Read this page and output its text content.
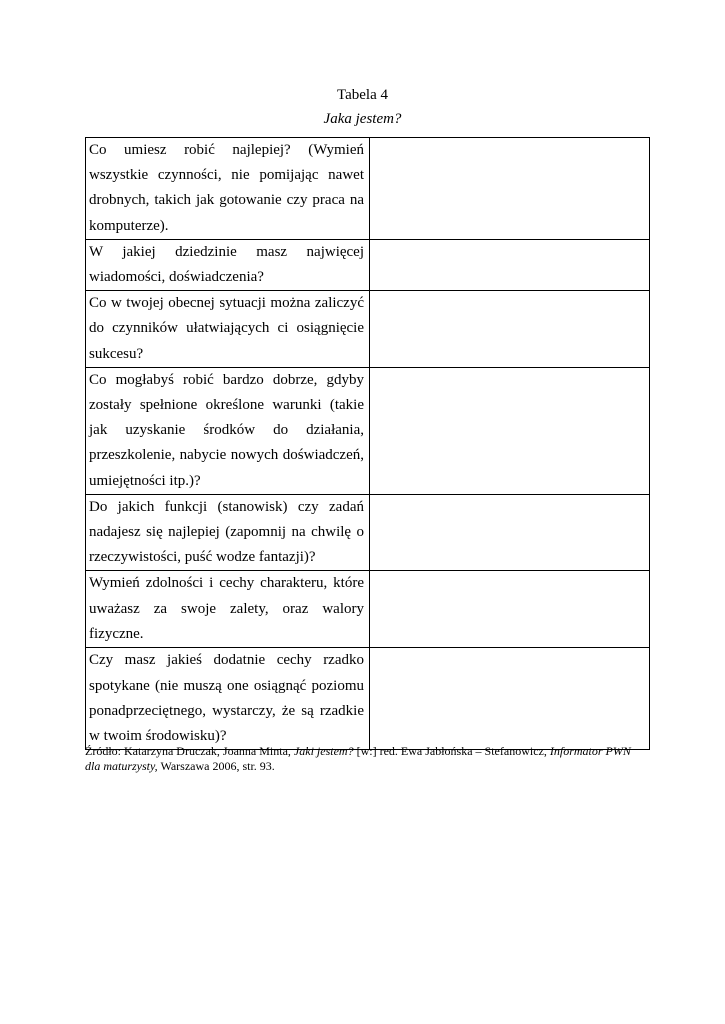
Tabela 4
Jaka jestem?
Co umiesz robić najlepiej? (Wymień wszystkie czynności, nie pomijając nawet drobnych, takich jak gotowanie czy praca na komputerze).	

W jakiej dziedzinie masz najwięcej wiadomości, doświadczenia?	

Co w twojej obecnej sytuacji można zaliczyć do czynników ułatwiających ci osiągnięcie sukcesu?	

Co mogłabyś robić bardzo dobrze, gdyby zostały spełnione określone warunki (takie jak uzyskanie środków do działania, przeszkolenie, nabycie nowych doświadczeń, umiejętności itp.)?	

Do jakich funkcji (stanowisk) czy zadań nadajesz się najlepiej (zapomnij na chwilę o rzeczywistości, puść wodze fantazji)?	

Wymień zdolności i cechy charakteru, które uważasz za swoje zalety, oraz walory fizyczne.	

Czy masz jakieś dodatnie cechy rzadko spotykane (nie muszą one osiągnąć poziomu ponadprzeciętnego, wystarczy, że są rzadkie w twoim środowisku)?	

Źródło: Katarzyna Druczak, Joanna Minta, Jaki jestem? [w:] red. Ewa Jabłońska – Stefanowicz, Informator PWN dla maturzysty, Warszawa 2006, str. 93.
